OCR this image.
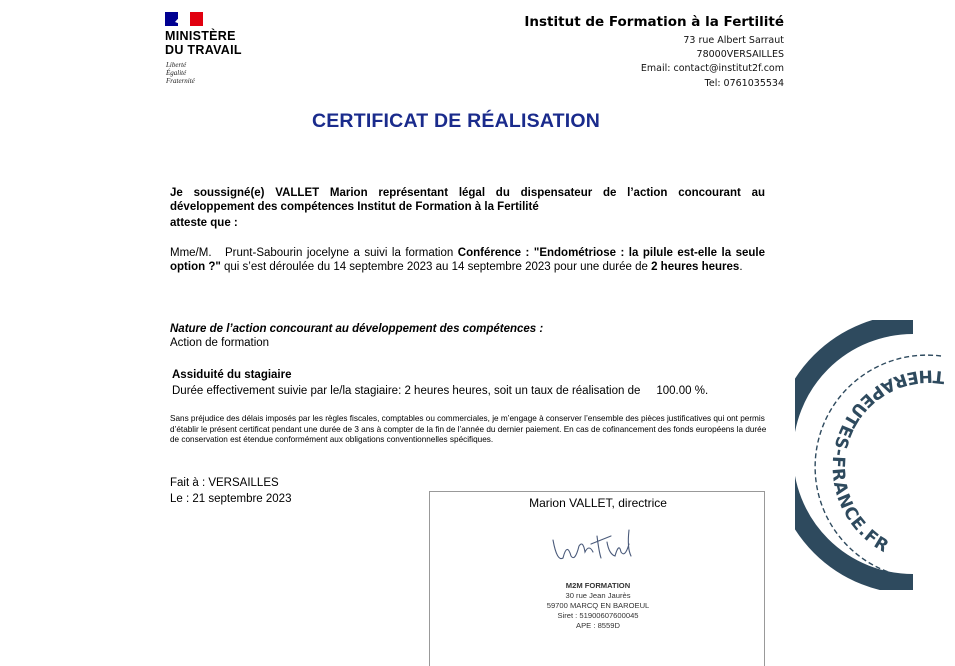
MINISTÈRE
DU TRAVAIL
Liberté
Égalité
Fraternité
Institut de Formation à la Fertilité
73 rue Albert Sarraut
78000VERSAILLES
Email: contact@institut2f.com
Tel: 0761035534
CERTIFICAT DE RÉALISATION
Je soussigné(e) VALLET Marion représentant légal du dispensateur de l’action concourant au développement des compétences Institut de Formation à la Fertilité
atteste que :
Mme/M. Prunt-Sabourin jocelyne a suivi la formation Conférence : "Endométriose : la pilule est-elle la seule option ?" qui s’est déroulée du 14 septembre 2023 au 14 septembre 2023 pour une durée de 2 heures heures.
Nature de l’action concourant au développement des compétences :
Action de formation
Assiduité du stagiaire
Durée effectivement suivie par le/la stagiaire: 2 heures heures, soit un taux de réalisation de 100.00 %.
Sans préjudice des délais imposés par les règles fiscales, comptables ou commerciales, je m’engage à conserver l’ensemble des pièces justificatives qui ont permis d’établir le présent certificat pendant une durée de 3 ans à compter de la fin de l’année du dernier paiement. En cas de cofinancement des fonds européens la durée de conservation est étendue conformément aux obligations conventionnelles spécifiques.
Fait à : VERSAILLES
Le : 21 septembre 2023	Marion VALLET, directrice
M2M FORMATION
30 rue Jean Jaurès
59700 MARCQ EN BAROEUL
Siret : 51900607600045
APE : 8559D
THERAPEUTES-FRANCE.FR
